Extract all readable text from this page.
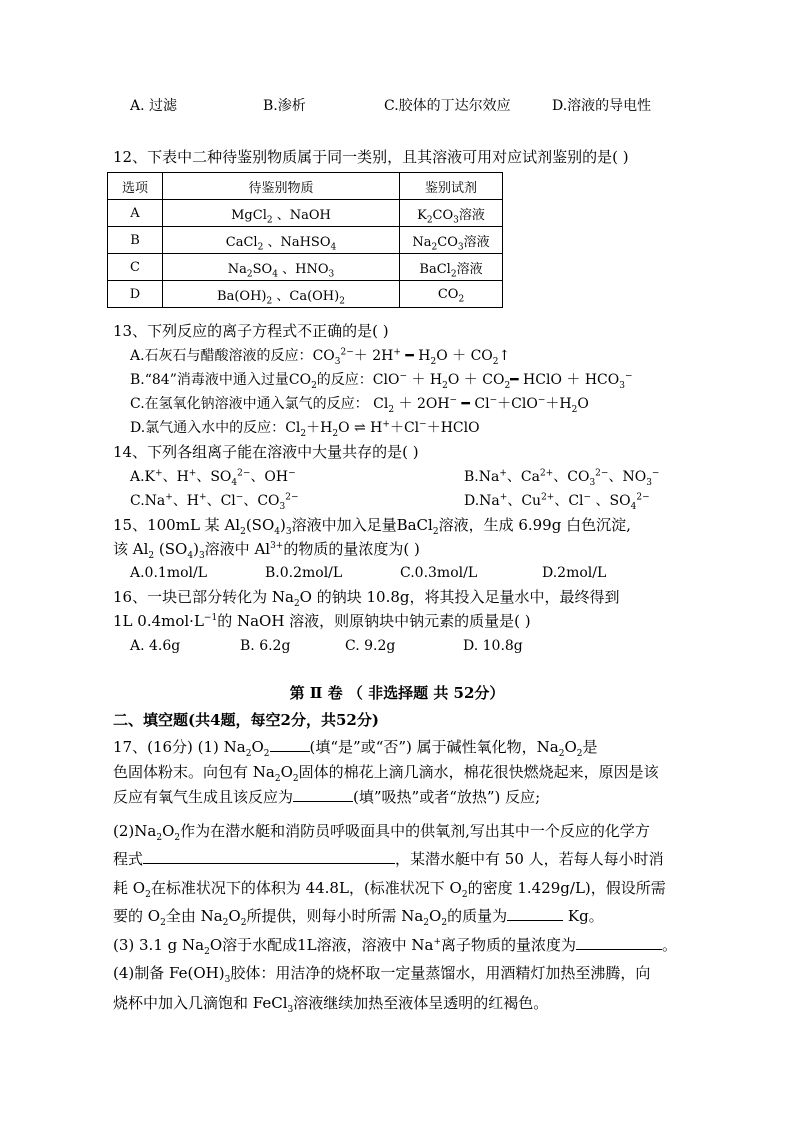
A. 过滤	B.渗析	C.胶体的丁达尔效应	D.溶液的导电性
12、下表中二种待鉴别物质属于同一类别，且其溶液可用对应试剂鉴别的是( )
选项	待鉴别物质	鉴别试剂
A	MgCl$_2$ 、NaOH	$K_2CO_3$溶液
B	CaCl$_2$ 、NaHSO$_4$	$Na_2CO_3$溶液
C	$Na_2SO_4$ 、$HNO_3$	BaCl$_2$溶液
D	$Ba(OH)_2$ 、$Ca(OH)_2$	$CO_2$
13、下列反应的离子方程式不正确的是( )
A.石灰石与醋酸溶液的反应：$CO_3^{2-}+ 2H^+$ ━ $H_2O$ ＋ $CO_2↑$
B.“84”消毒液中通入过量$CO_2$的反应：$ClO^- + H_2O$ ＋ $CO_2━$ HClO ＋ $HCO_3^-$
C.在氢氧化钠溶液中通入氯气的反应： $Cl_2 + 2OH^-$ ━ $Cl^-+ClO^-+H_2O$
D.氯气通入水中的反应：$Cl_2+H_2O$ ⇌ H+＋Cl−＋HClO
14、下列各组离子能在溶液中大量共存的是( )
A.K+、H+、$SO_4^{2-}$、OH−	B.Na+、$Ca^{2+}$、$CO_3^{2-}$、$NO_3^-$
C.Na+、H+、Cl−、$CO_3^{2-}$	D.Na+、$Cu^{2+}$、Cl− 、$SO_4^{2-}$
15、100mL 某 $Al_2(SO_4)_3$溶液中加入足量BaCl$_2$溶液，生成 6.99g 白色沉淀,
该 $Al_2$ $(SO_4)_3$溶液中 $Al^{3+}$的物质的量浓度为( )
A.0.1mol/L	B.0.2mol/L	C.0.3mol/L	D.2mol/L
16、一块已部分转化为 $Na_2O$ 的钠块 10.8g，将其投入足量水中，最终得到
1L $0.4mol\cdot L^{-1}$的 NaOH 溶液，则原钠块中钠元素的质量是( )
A. 4.6g	B. 6.2g	C. 9.2g	D. 10.8g
第 Ⅱ 卷 （ 非选择题 共 52分）
二、填空题(共4题，每空2分，共52分)
17、(16分) (1) $Na_2O_2$	(填“是”或“否”) 属于碱性氧化物，$Na_2O_2$是
色固体粉末。向包有 $Na_2O_2$固体的棉花上滴几滴水，棉花很快燃烧起来，原因是该
反应有氧气生成且该反应为	(填”吸热”或者“放热”) 反应;
$(2)Na_2O_2$作为在潜水艇和消防员呼吸面具中的供氧剂,写出其中一个反应的化学方
程式	，某潜水艇中有 50 人，若每人每小时消
耗 $O_2$在标准状况下的体积为 44.8L，(标准状况下 $O_2$的密度 1.429g/L)，假设所需
要的 $O_2$全由 $Na_2O_2$所提供，则每小时所需 $Na_2O_2$的质量为	Kg。
(3) 3.1 g $Na_2O$溶于水配成1L溶液，溶液中 Na+离子物质的量浓度为	。
(4)制备 $Fe(OH)_3$胶体：用洁净的烧杯取一定量蒸馏水，用酒精灯加热至沸腾，向
烧杯中加入几滴饱和 FeCl$_3$溶液继续加热至液体呈透明的红褐色。
